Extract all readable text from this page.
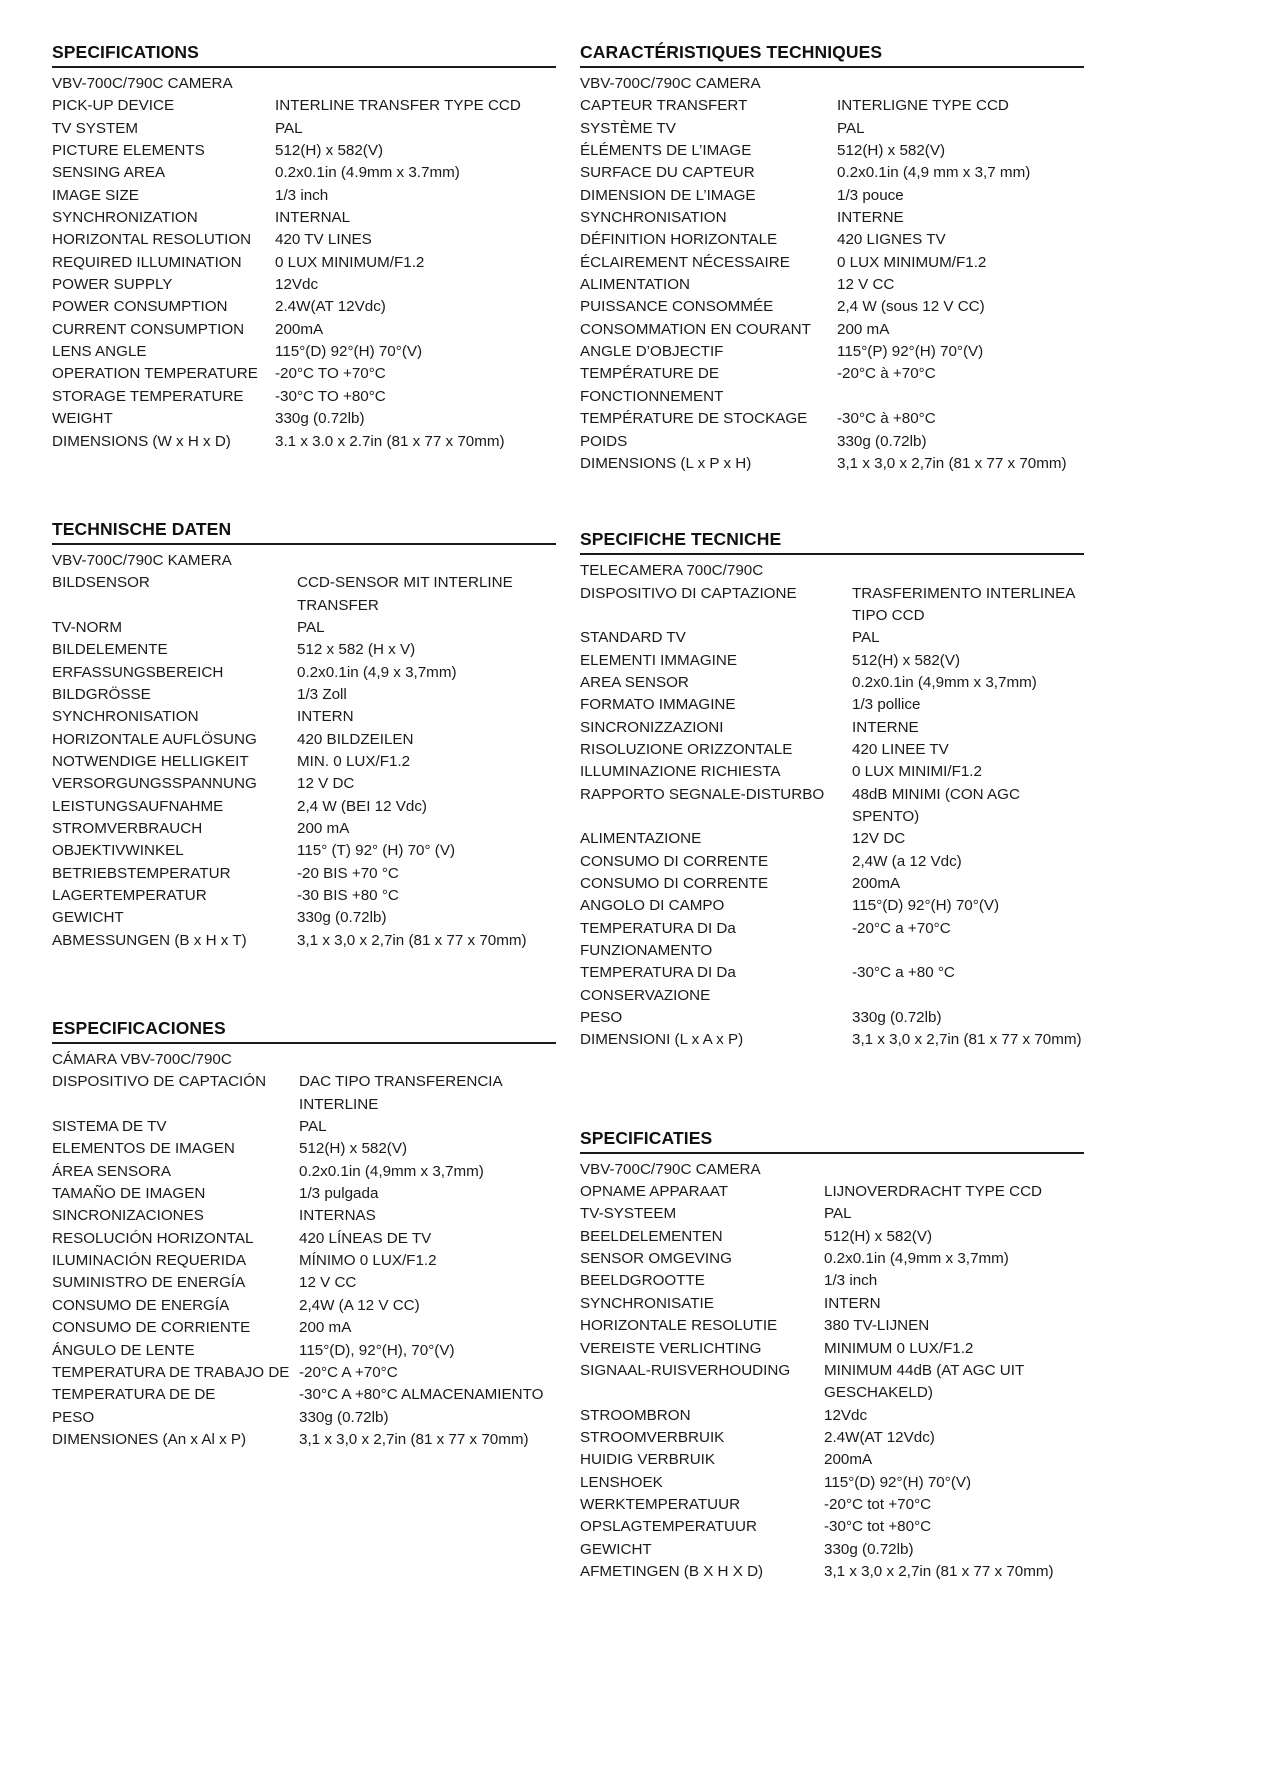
SPECIFICATIONS
VBV-700C/790C CAMERA
PICK-UP DEVICE	INTERLINE TRANSFER TYPE CCD
TV SYSTEM	PAL
PICTURE ELEMENTS	512(H) x 582(V)
SENSING AREA	0.2x0.1in (4.9mm x 3.7mm)
IMAGE SIZE	1/3 inch
SYNCHRONIZATION	INTERNAL
HORIZONTAL RESOLUTION	420 TV LINES
REQUIRED ILLUMINATION	0 LUX MINIMUM/F1.2
POWER SUPPLY	12Vdc
POWER CONSUMPTION	2.4W(AT 12Vdc)
CURRENT CONSUMPTION	200mA
LENS ANGLE	115°(D) 92°(H) 70°(V)
OPERATION TEMPERATURE	-20°C TO +70°C
STORAGE TEMPERATURE	-30°C TO +80°C
WEIGHT	330g (0.72lb)
DIMENSIONS (W x H x D)	3.1 x 3.0 x 2.7in (81 x 77 x 70mm)
TECHNISCHE DATEN
VBV-700C/790C KAMERA
BILDSENSOR	CCD-SENSOR MIT INTERLINE TRANSFER
TV-NORM	PAL
BILDELEMENTE	512 x 582 (H x V)
ERFASSUNGSBEREICH	0.2x0.1in (4,9 x 3,7mm)
BILDGRÖSSE	1/3 Zoll
SYNCHRONISATION	INTERN
HORIZONTALE AUFLÖSUNG	420 BILDZEILEN
NOTWENDIGE HELLIGKEIT	MIN. 0 LUX/F1.2
VERSORGUNGSSPANNUNG	12 V DC
LEISTUNGSAUFNAHME	2,4 W (BEI 12 Vdc)
STROMVERBRAUCH	200 mA
OBJEKTIVWINKEL	115° (T) 92° (H) 70° (V)
BETRIEBSTEMPERATUR	-20 BIS +70 °C
LAGERTEMPERATUR	-30 BIS +80 °C
GEWICHT	330g (0.72lb)
ABMESSUNGEN (B x H x T)	3,1 x 3,0 x 2,7in (81 x 77 x 70mm)
ESPECIFICACIONES
CÁMARA VBV-700C/790C
DISPOSITIVO DE CAPTACIÓN	DAC TIPO TRANSFERENCIA INTERLINE
SISTEMA DE TV	PAL
ELEMENTOS DE IMAGEN	512(H) x 582(V)
ÁREA SENSORA	0.2x0.1in (4,9mm x 3,7mm)
TAMAÑO DE IMAGEN	1/3 pulgada
SINCRONIZACIONES	INTERNAS
RESOLUCIÓN HORIZONTAL	420 LÍNEAS DE TV
ILUMINACIÓN REQUERIDA	MÍNIMO 0 LUX/F1.2
SUMINISTRO DE ENERGÍA	12 V CC
CONSUMO DE ENERGÍA	2,4W (A 12 V CC)
CONSUMO DE CORRIENTE	200 mA
ÁNGULO DE LENTE	115°(D), 92°(H), 70°(V)
TEMPERATURA DE TRABAJO DE	-20°C A +70°C
TEMPERATURA DE DE	-30°C A +80°C ALMACENAMIENTO
PESO	330g (0.72lb)
DIMENSIONES (An x Al x P)	3,1 x 3,0 x 2,7in (81 x 77 x 70mm)
CARACTÉRISTIQUES TECHNIQUES
VBV-700C/790C CAMERA
CAPTEUR TRANSFERT	INTERLIGNE TYPE CCD
SYSTÈME TV	PAL
ÉLÉMENTS DE L’IMAGE	512(H) x 582(V)
SURFACE DU CAPTEUR	0.2x0.1in (4,9 mm x 3,7 mm)
DIMENSION DE L’IMAGE	1/3 pouce
SYNCHRONISATION	INTERNE
DÉFINITION HORIZONTALE	420 LIGNES TV
ÉCLAIREMENT NÉCESSAIRE	0 LUX MINIMUM/F1.2
ALIMENTATION	12 V CC
PUISSANCE CONSOMMÉE	2,4 W (sous 12 V CC)
CONSOMMATION EN COURANT	200 mA
ANGLE D’OBJECTIF	115°(P) 92°(H) 70°(V)
TEMPÉRATURE DE FONCTIONNEMENT	-20°C à +70°C
TEMPÉRATURE DE STOCKAGE	-30°C à +80°C
POIDS	330g (0.72lb)
DIMENSIONS (L x P x H)	3,1 x 3,0 x 2,7in (81 x 77 x 70mm)
SPECIFICHE TECNICHE
TELECAMERA 700C/790C
DISPOSITIVO DI CAPTAZIONE	TRASFERIMENTO INTERLINEA TIPO CCD
STANDARD TV	PAL
ELEMENTI IMMAGINE	512(H) x 582(V)
AREA SENSOR	0.2x0.1in (4,9mm x 3,7mm)
FORMATO IMMAGINE	1/3 pollice
SINCRONIZZAZIONI	INTERNE
RISOLUZIONE ORIZZONTALE	420 LINEE TV
ILLUMINAZIONE RICHIESTA	0 LUX MINIMI/F1.2
RAPPORTO SEGNALE-DISTURBO	48dB MINIMI (CON AGC SPENTO)
ALIMENTAZIONE	12V DC
CONSUMO DI CORRENTE	2,4W (a 12 Vdc)
CONSUMO DI CORRENTE	200mA
ANGOLO DI CAMPO	115°(D) 92°(H) 70°(V)
TEMPERATURA DI Da FUNZIONAMENTO	-20°C a +70°C
TEMPERATURA DI Da CONSERVAZIONE	-30°C a +80 °C
PESO	330g (0.72lb)
DIMENSIONI (L x A x P)	3,1 x 3,0 x 2,7in (81 x 77 x 70mm)
SPECIFICATIES
VBV-700C/790C CAMERA
OPNAME APPARAAT	LIJNOVERDRACHT TYPE CCD
TV-SYSTEEM	PAL
BEELDELEMENTEN	512(H) x 582(V)
SENSOR OMGEVING	0.2x0.1in (4,9mm x 3,7mm)
BEELDGROOTTE	1/3 inch
SYNCHRONISATIE	INTERN
HORIZONTALE RESOLUTIE	380 TV-LIJNEN
VEREISTE VERLICHTING	MINIMUM 0 LUX/F1.2
SIGNAAL-RUISVERHOUDING	MINIMUM 44dB (AT AGC UIT GESCHAKELD)
STROOMBRON	12Vdc
STROOMVERBRUIK	2.4W(AT 12Vdc)
HUIDIG VERBRUIK	200mA
LENSHOEK	115°(D) 92°(H) 70°(V)
WERKTEMPERATUUR	-20°C tot +70°C
OPSLAGTEMPERATUUR	-30°C tot +80°C
GEWICHT	330g (0.72lb)
AFMETINGEN (B X H X D)	3,1 x 3,0 x 2,7in (81 x 77 x 70mm)
